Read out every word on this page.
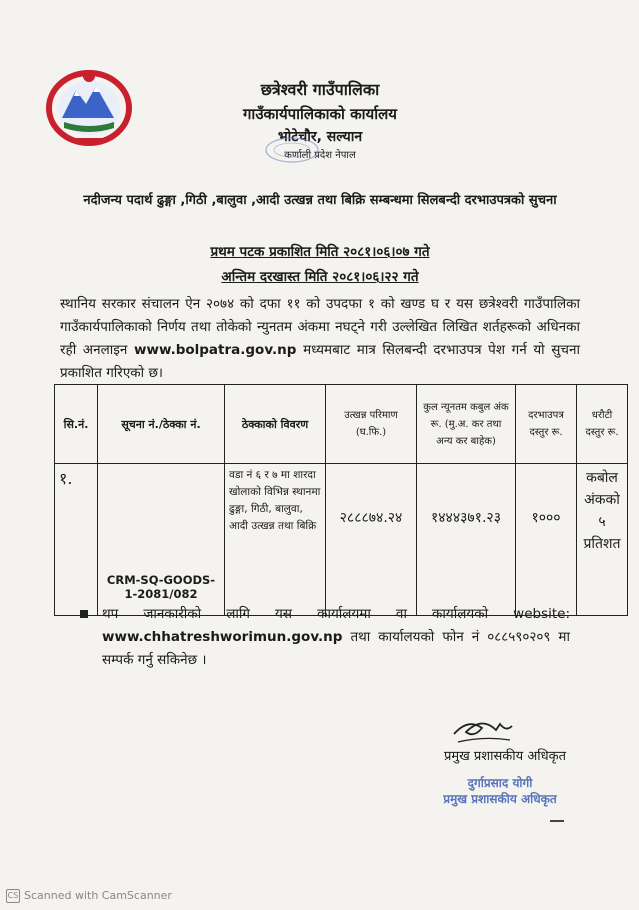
छत्रेश्वरी गाउँपालिका
गाउँकार्यपालिकाको कार्यालय
भोटेचौर, सल्यान
कर्णाली प्रदेश नेपाल
नदीजन्य पदार्थ ढुङ्गा ,गिठी ,बालुवा ,आदी उत्खन्न तथा बिक्रि सम्बन्धमा सिलबन्दी दरभाउपत्रको सुचना
प्रथम पटक प्रकाशित मिति २०८१।०६।०७ गते
अन्तिम दरखास्त मिति २०८१।०६।२२ गते
स्थानिय सरकार संचालन ऐन २०७४ को दफा ११ को उपदफा १ को खण्ड घ र यस छत्रेश्वरी गाउँपालिका गाउँकार्यपालिकाको निर्णय तथा तोकेको न्युनतम अंकमा नघट्ने गरी उल्लेखित लिखित शर्तहरूको अधिनका रही अनलाइन www.bolpatra.gov.np मध्यमबाट मात्र सिलबन्दी दरभाउपत्र पेश गर्न यो सुचना प्रकाशित गरिएको छ।
सि.नं.	सूचना नं./ठेक्का नं.	ठेक्काको विवरण	उत्खन्न परिमाण (घ.फि.)	कुल न्यूनतम कबुल अंक रू. (मु.अ. कर तथा अन्य कर बाहेक)	दरभाउपत्र दस्तुर रू.	धरौटी दस्तुर रू.
१.	CRM-SQ-GOODS-1-2081/082	वडा नं ६ र ७ मा शारदा खोलाको विभिन्न स्थानमा ढुङ्गा, गिठी, बालुवा, आदी उत्खन्न तथा बिक्रि	२८८८७४.२४	१४४४३७१.२३	१०००	कबोल अंकको ५ प्रतिशत
थप जानकारीको लागि यस कार्यालयमा वा कार्यालयको website: www.chhatreshworimun.gov.np तथा कार्यालयको फोन नं ०८८५९०२०९ मा सम्पर्क गर्नु सकिनेछ ।
प्रमुख प्रशासकीय अधिकृत
दुर्गाप्रसाद योगी
प्रमुख प्रशासकीय अधिकृत
CS Scanned with CamScanner
